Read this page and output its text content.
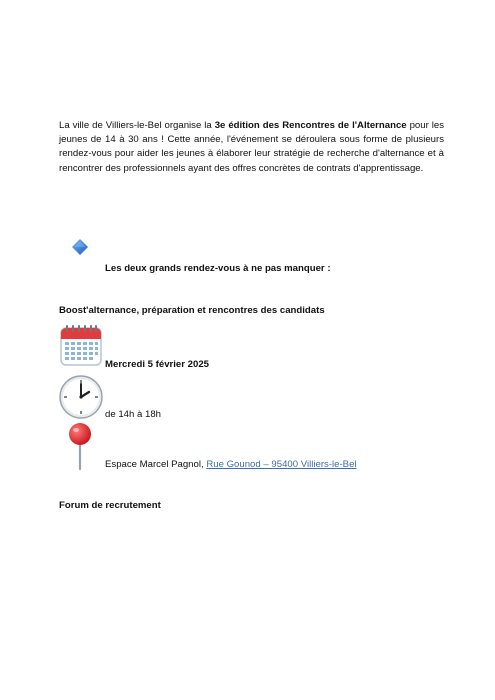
La ville de Villiers-le-Bel organise la 3e édition des Rencontres de l'Alternance pour les jeunes de 14 à 30 ans ! Cette année, l'événement se déroulera sous forme de plusieurs rendez-vous pour aider les jeunes à élaborer leur stratégie de recherche d'alternance et à rencontrer des professionnels ayant des offres concrètes de contrats d'apprentissage.

Les deux grands rendez-vous à ne pas manquer :
Boost'alternance, préparation et rencontres des candidats
Mercredi 5 février 2025
de 14h à 18h
Espace Marcel Pagnol, Rue Gounod – 95400 Villiers-le-Bel
Forum de recrutement
